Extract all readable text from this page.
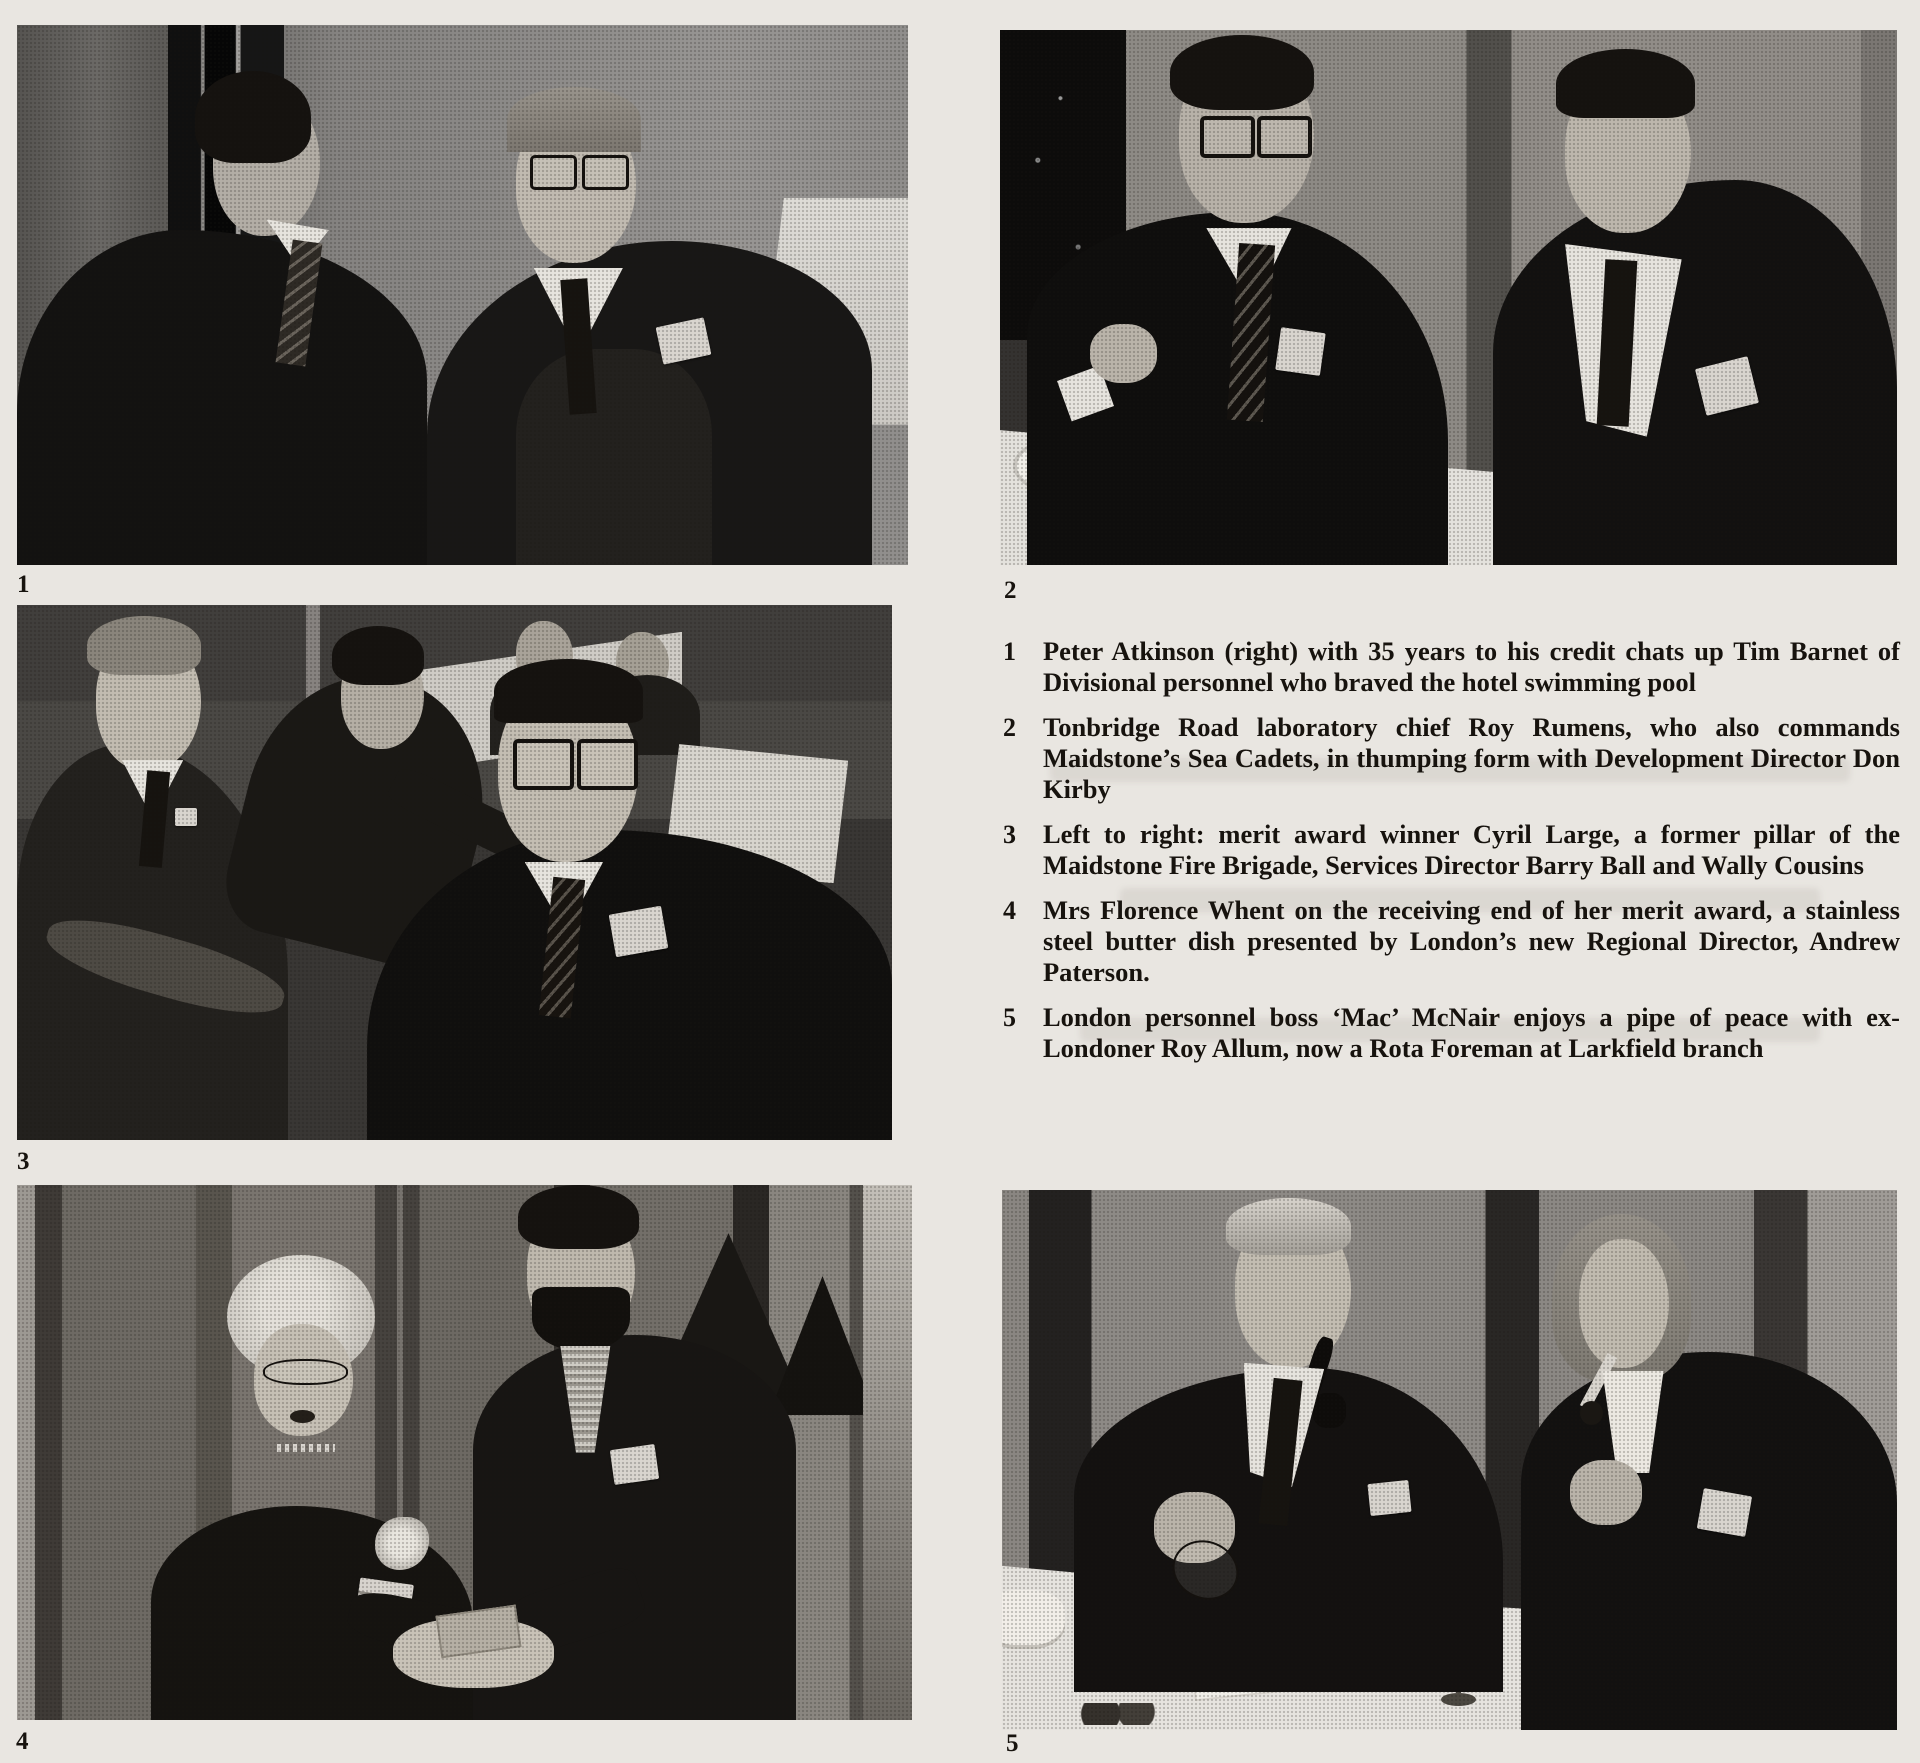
1	2
3
4	5
1	Peter Atkinson (right) with 35 years to his credit chats up Tim Barnet of Divisional personnel who braved the hotel swimming pool
2	Tonbridge Road laboratory chief Roy Rumens, who also commands Maidstone’s Sea Cadets, in thumping form with Development Director Don Kirby
3	Left to right: merit award winner Cyril Large, a former pillar of the Maidstone Fire Brigade, Services Director Barry Ball and Wally Cousins
4	Mrs Florence Whent on the receiving end of her merit award, a stainless steel butter dish presented by London’s new Regional Director, Andrew Paterson.
5	London personnel boss ‘Mac’ McNair enjoys a pipe of peace with ex-Londoner Roy Allum, now a Rota Foreman at Larkfield branch
